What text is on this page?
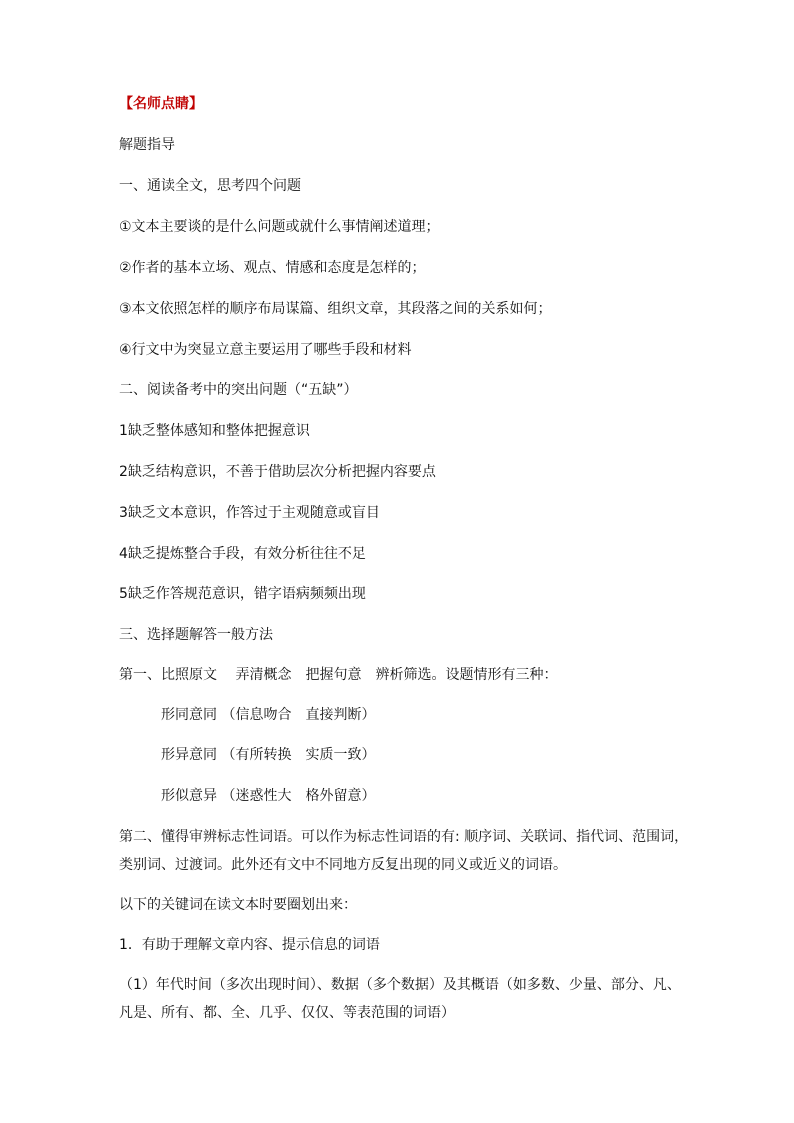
【名师点睛】
解题指导
一、通读全文，思考四个问题
①文本主要谈的是什么问题或就什么事情阐述道理；
②作者的基本立场、观点、情感和态度是怎样的；
③本文依照怎样的顺序布局谋篇、组织文章，其段落之间的关系如何；
④行文中为突显立意主要运用了哪些手段和材料
二、阅读备考中的突出问题（“五缺”）
1缺乏整体感知和整体把握意识
2缺乏结构意识，不善于借助层次分析把握内容要点
3缺乏文本意识，作答过于主观随意或盲目
4缺乏提炼整合手段，有效分析往往不足
5缺乏作答规范意识，错字语病频频出现
三、选择题解答一般方法
第一、比照原文　 弄清概念　把握句意　辨析筛选。设题情形有三种：
形同意同 （信息吻合　直接判断）
形异意同 （有所转换　实质一致）
形似意异 （迷惑性大　格外留意）
第二、懂得审辨标志性词语。可以作为标志性词语的有: 顺序词、关联词、指代词、范围词，
类别词、过渡词。此外还有文中不同地方反复出现的同义或近义的词语。
以下的关键词在读文本时要圈划出来：
1．有助于理解文章内容、提示信息的词语
（1）年代时间（多次出现时间）、数据（多个数据）及其概语（如多数、少量、部分、凡、
凡是、所有、都、全、几乎、仅仅、等表范围的词语）
